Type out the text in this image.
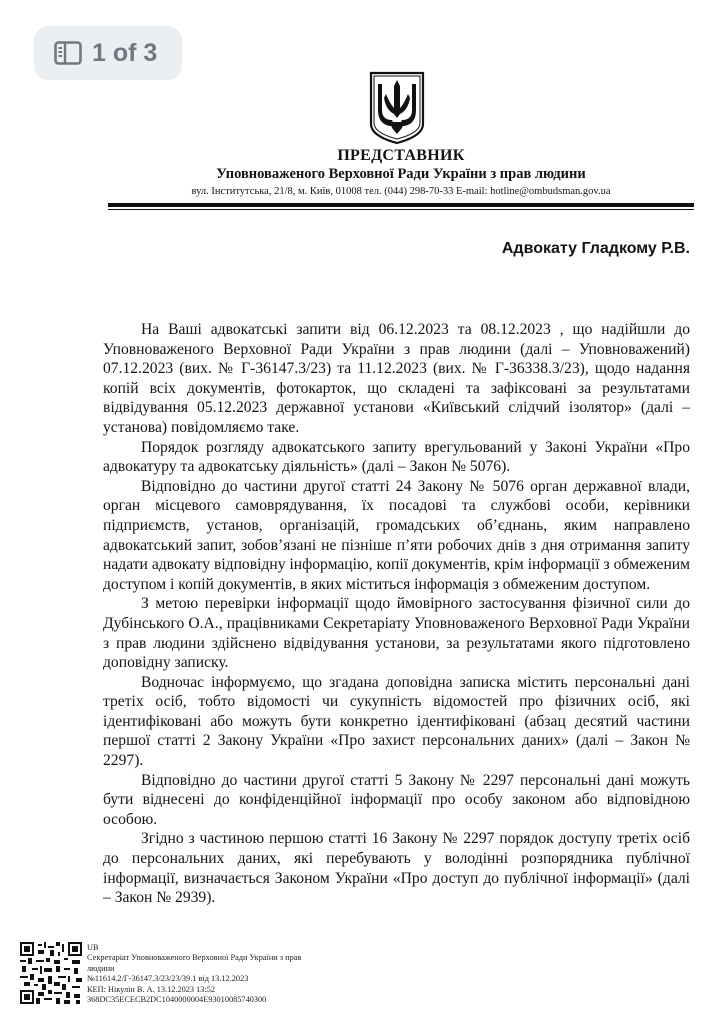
1 of 3
ПРЕДСТАВНИК
Уповноваженого Верховної Ради України з прав людини
вул. Інститутська, 21/8, м. Київ, 01008 тел. (044) 298-70-33 E-mail: hotline@ombudsman.gov.ua
Адвокату Гладкому Р.В.

На Ваші адвокатські запити від 06.12.2023 та 08.12.2023 , що надійшли до Уповноваженого Верховної Ради України з прав людини (далі – Уповноважений) 07.12.2023 (вих. № Г-36147.3/23) та 11.12.2023 (вих. № Г-36338.3/23), щодо надання копій всіх документів, фотокарток, що складені та зафіксовані за результатами відвідування 05.12.2023 державної установи «Київський слідчий ізолятор» (далі – установа) повідомляємо таке.

Порядок розгляду адвокатського запиту врегульований у Законі України «Про адвокатуру та адвокатську діяльність» (далі – Закон № 5076).

Відповідно до частини другої статті 24 Закону № 5076 орган державної влади, орган місцевого самоврядування, їх посадові та службові особи, керівники підприємств, установ, організацій, громадських об’єднань, яким направлено адвокатський запит, зобов’язані не пізніше п’яти робочих днів з дня отримання запиту надати адвокату відповідну інформацію, копії документів, крім інформації з обмеженим доступом і копій документів, в яких міститься інформація з обмеженим доступом.

З метою перевірки інформації щодо ймовірного застосування фізичної сили до Дубінського О.А., працівниками Секретаріату Уповноваженого Верховної Ради України з прав людини здійснено відвідування установи, за результатами якого підготовлено доповідну записку.

Водночас інформуємо, що згадана доповідна записка містить персональні дані третіх осіб, тобто відомості чи сукупність відомостей про фізичних осіб, які ідентифіковані або можуть бути конкретно ідентифіковані (абзац десятий частини першої статті 2 Закону України «Про захист персональних даних» (далі – Закон № 2297).

Відповідно до частини другої статті 5 Закону № 2297 персональні дані можуть бути віднесені до конфіденційної інформації про особу законом або відповідною особою.

Згідно з частиною першою статті 16 Закону № 2297 порядок доступу третіх осіб до персональних даних, які перебувають у володінні розпорядника публічної інформації, визначається Законом України «Про доступ до публічної інформації» (далі – Закон № 2939).

UB
Секретаріат Уповноваженого Верховної Ради України з прав
людини
№11614.2/Г-36147.3/23/23/39.1 від 13.12.2023
КЕП: Нікулін В. А. 13.12.2023 13:52
368DC35ECECB2DC1040000004E93010085740300
